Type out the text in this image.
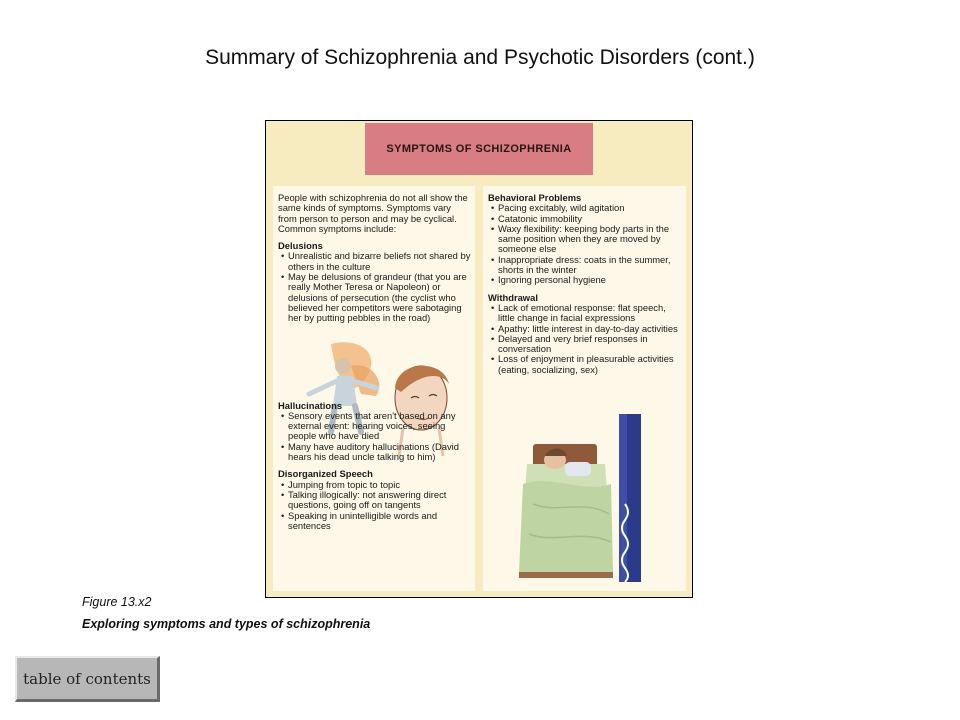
Summary of Schizophrenia and Psychotic Disorders (cont.)
SYMPTOMS OF SCHIZOPHRENIA

People with schizophrenia do not all show the same kinds of symptoms. Symptoms vary from person to person and may be cyclical. Common symptoms include:

Delusions

• Unrealistic and bizarre beliefs not shared by others in the culture
• May be delusions of grandeur (that you are really Mother Teresa or Napoleon) or delusions of persecution (the cyclist who believed her competitors were sabotaging her by putting pebbles in the road)

Hallucinations

• Sensory events that aren't based on any external event: hearing voices, seeing people who have died
• Many have auditory hallucinations (David hears his dead uncle talking to him)

Disorganized Speech

• Jumping from topic to topic
• Talking illogically: not answering direct questions, going off on tangents
• Speaking in unintelligible words and sentences

Behavioral Problems

• Pacing excitably, wild agitation
• Catatonic immobility
• Waxy flexibility: keeping body parts in the same position when they are moved by someone else
• Inappropriate dress: coats in the summer, shorts in the winter
• Ignoring personal hygiene

Withdrawal

• Lack of emotional response: flat speech, little change in facial expressions
• Apathy: little interest in day-to-day activities
• Delayed and very brief responses in conversation
• Loss of enjoyment in pleasurable activities (eating, socializing, sex)
Figure 13.x2
Exploring symptoms and types of schizophrenia
table of contents
